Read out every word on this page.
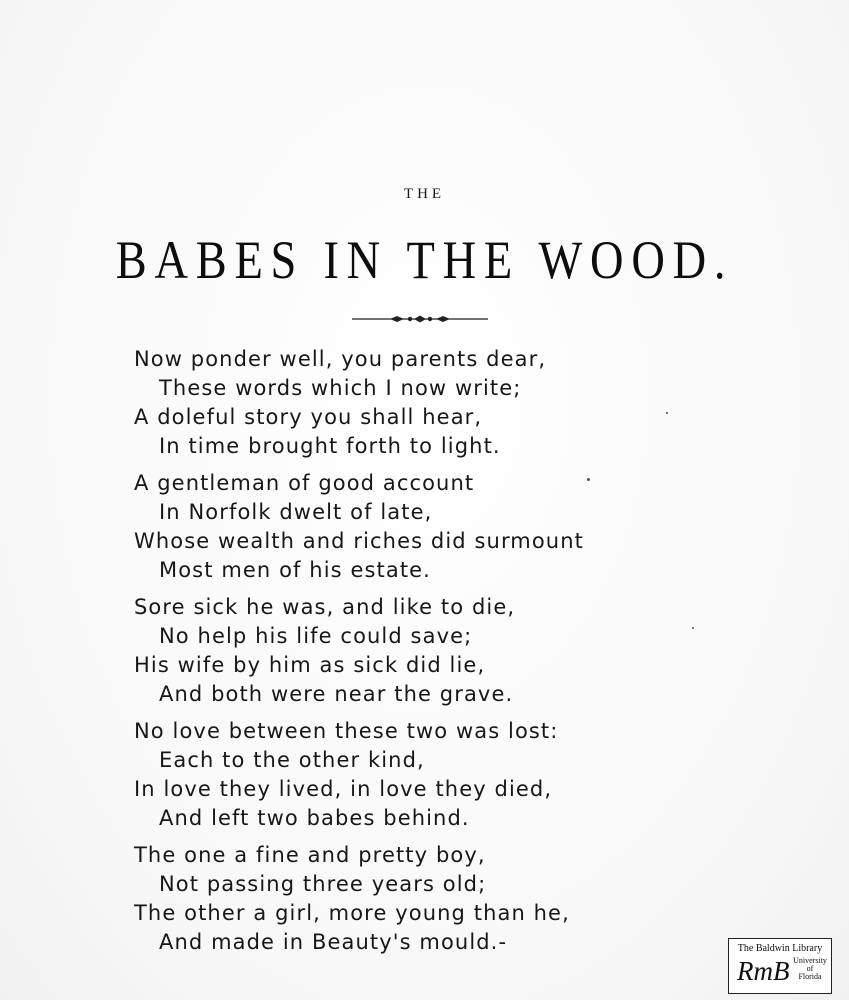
THE
BABES IN THE WOOD.
Now ponder well, you parents dear,
These words which I now write;
A doleful story you shall hear,
In time brought forth to light.
A gentleman of good account
In Norfolk dwelt of late,
Whose wealth and riches did surmount
Most men of his estate.
Sore sick he was, and like to die,
No help his life could save;
His wife by him as sick did lie,
And both were near the grave.
No love between these two was lost:
Each to the other kind,
In love they lived, in love they died,
And left two babes behind.
The one a fine and pretty boy,
Not passing three years old;
The other a girl, more young than he,
And made in Beauty's mould.-	The Baldwin Library
RmB University
of
Florida
